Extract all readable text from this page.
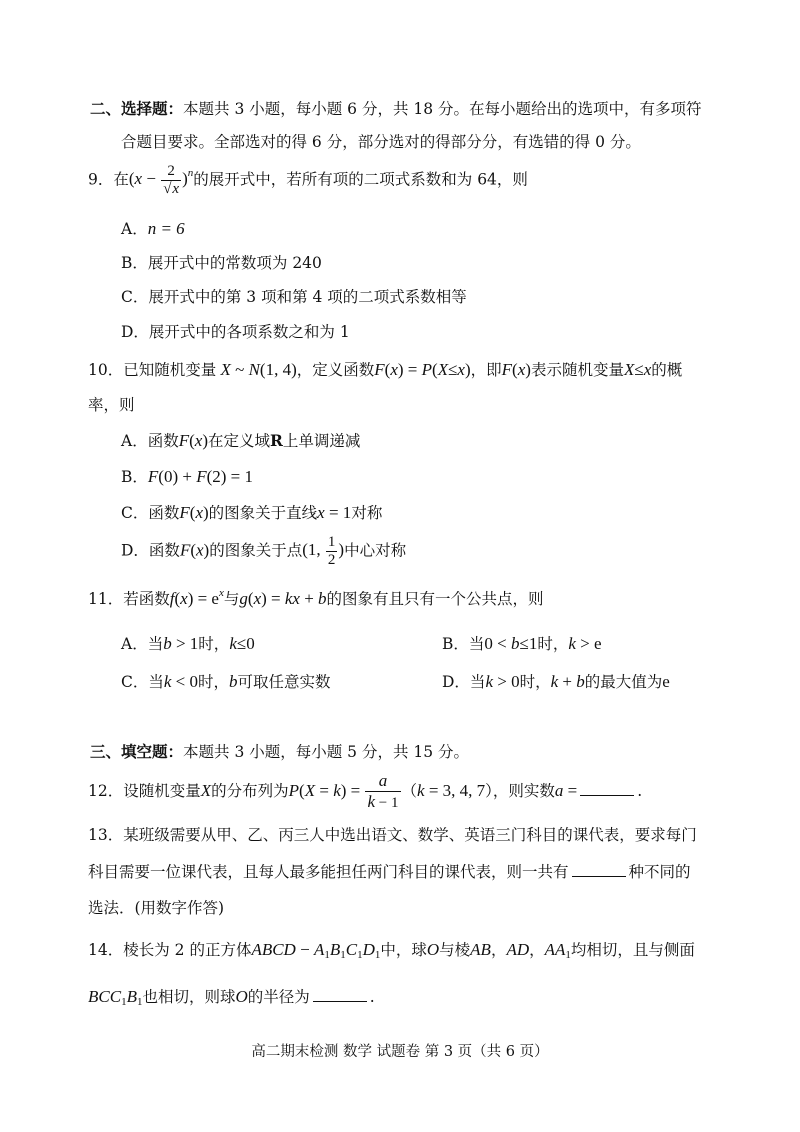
二、选择题：本题共 3 小题，每小题 6 分，共 18 分。在每小题给出的选项中，有多项符
合题目要求。全部选对的得 6 分，部分选对的得部分分，有选错的得 0 分。
9．在$(x - \frac{2}{√x} )^n$的展开式中，若所有项的二项式系数和为 64，则
A．n = 6
B．展开式中的常数项为 240
C．展开式中的第 3 项和第 4 项的二项式系数相等
D．展开式中的各项系数之和为 1
10．已知随机变量 X ~ N(1, 4)，定义函数F(x) = P(X≤x)，即F(x)表示随机变量X≤x的概
率，则
A．函数F(x)在定义域R上单调递减
B．F(0) + F(2) = 1
C．函数F(x)的图象关于直线x = 1对称
D．函数F(x)的图象关于点(1, $\frac{1}{2}$ )中心对称
11．若函数$f(x) = e^x$与g(x) = kx + b的图象有且只有一个公共点，则
A．当b > 1时，k≤0	B．当0 < b≤1时，k > e
C．当k < 0时，b可取任意实数	D．当k > 0时，k + b的最大值为e
三、填空题：本题共 3 小题，每小题 5 分，共 15 分。
12．设随机变量X的分布列为$P(X = k) = \frac{a}{k - 1} (k = 3$, 4, 7），则实数a =	.
13．某班级需要从甲、乙、丙三人中选出语文、数学、英语三门科目的课代表，要求每门
科目需要一位课代表，且每人最多能担任两门科目的课代表，则一共有	种不同的
选法．(用数字作答)
14．棱长为 2 的正方体ABCD − $A_1B_1C_1D_1$中，球O与棱AB，AD，$AA_1$均相切，且与侧面
$BCC_1B_1$也相切，则球O的半径为	.
高二期末检测 数学 试题卷 第 3 页（共 6 页）
